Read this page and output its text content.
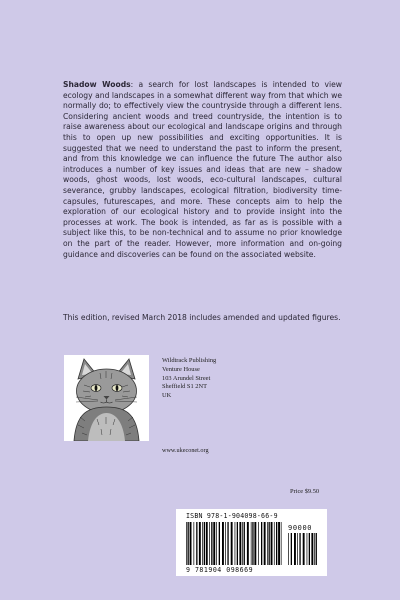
Shadow Woods: a search for lost landscapes is intended to view ecology and landscapes in a somewhat different way from that which we normally do; to effectively view the countryside through a different lens. Considering ancient woods and treed countryside, the intention is to raise awareness about our ecological and landscape origins and through this to open up new possibilities and exciting opportunities. It is suggested that we need to understand the past to inform the present, and from this knowledge we can influence the future The author also introduces a number of key issues and ideas that are new – shadow woods, ghost woods, lost woods, eco-cultural landscapes, cultural severance, grubby landscapes, ecological filtration, biodiversity time-capsules, futurescapes, and more. These concepts aim to help the exploration of our ecological history and to provide insight into the processes at work. The book is intended, as far as is possible with a subject like this, to be non-technical and to assume no prior knowledge on the part of the reader. However, more information and on-going guidance and discoveries can be found on the associated website.

This edition, revised March 2018 includes amended and updated figures.

Wildtrack Publishing
Venture House
103 Arundel Street
Sheffield S1 2NT
UK
www.ukeconet.org
Price $9.50
ISBN 978-1-904098-66-9
90000
9 781904 098669
